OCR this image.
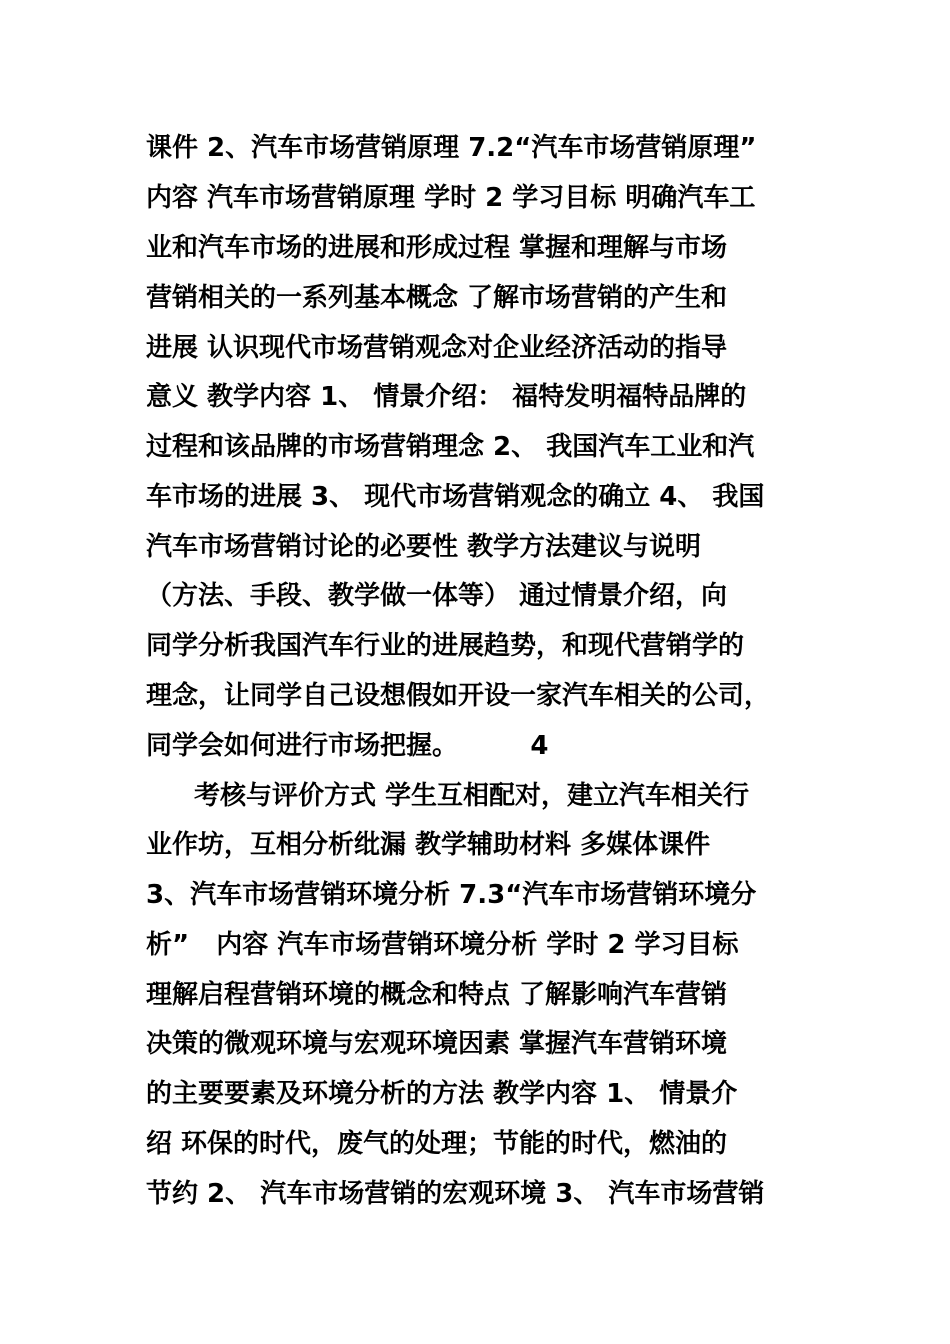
课件 2、汽车市场营销原理 7.2“汽车市场营销原理”
内容 汽车市场营销原理 学时 2 学习目标 明确汽车工
业和汽车市场的进展和形成过程 掌握和理解与市场
营销相关的一系列基本概念 了解市场营销的产生和
进展 认识现代市场营销观念对企业经济活动的指导
意义 教学内容 1、 情景介绍： 福特发明福特品牌的
过程和该品牌的市场营销理念 2、 我国汽车工业和汽
车市场的进展 3、 现代市场营销观念的确立 4、 我国
汽车市场营销讨论的必要性 教学方法建议与说明
（方法、手段、教学做一体等） 通过情景介绍，向
同学分析我国汽车行业的进展趋势，和现代营销学的
理念，让同学自己设想假如开设一家汽车相关的公司，
同学会如何进行市场把握。        4
考核与评价方式 学生互相配对，建立汽车相关行
业作坊，互相分析纰漏 教学辅助材料 多媒体课件
3、汽车市场营销环境分析 7.3“汽车市场营销环境分
析”   内容 汽车市场营销环境分析 学时 2 学习目标
理解启程营销环境的概念和特点 了解影响汽车营销
决策的微观环境与宏观环境因素 掌握汽车营销环境
的主要要素及环境分析的方法 教学内容 1、 情景介
绍 环保的时代，废气的处理；节能的时代，燃油的
节约 2、 汽车市场营销的宏观环境 3、 汽车市场营销
